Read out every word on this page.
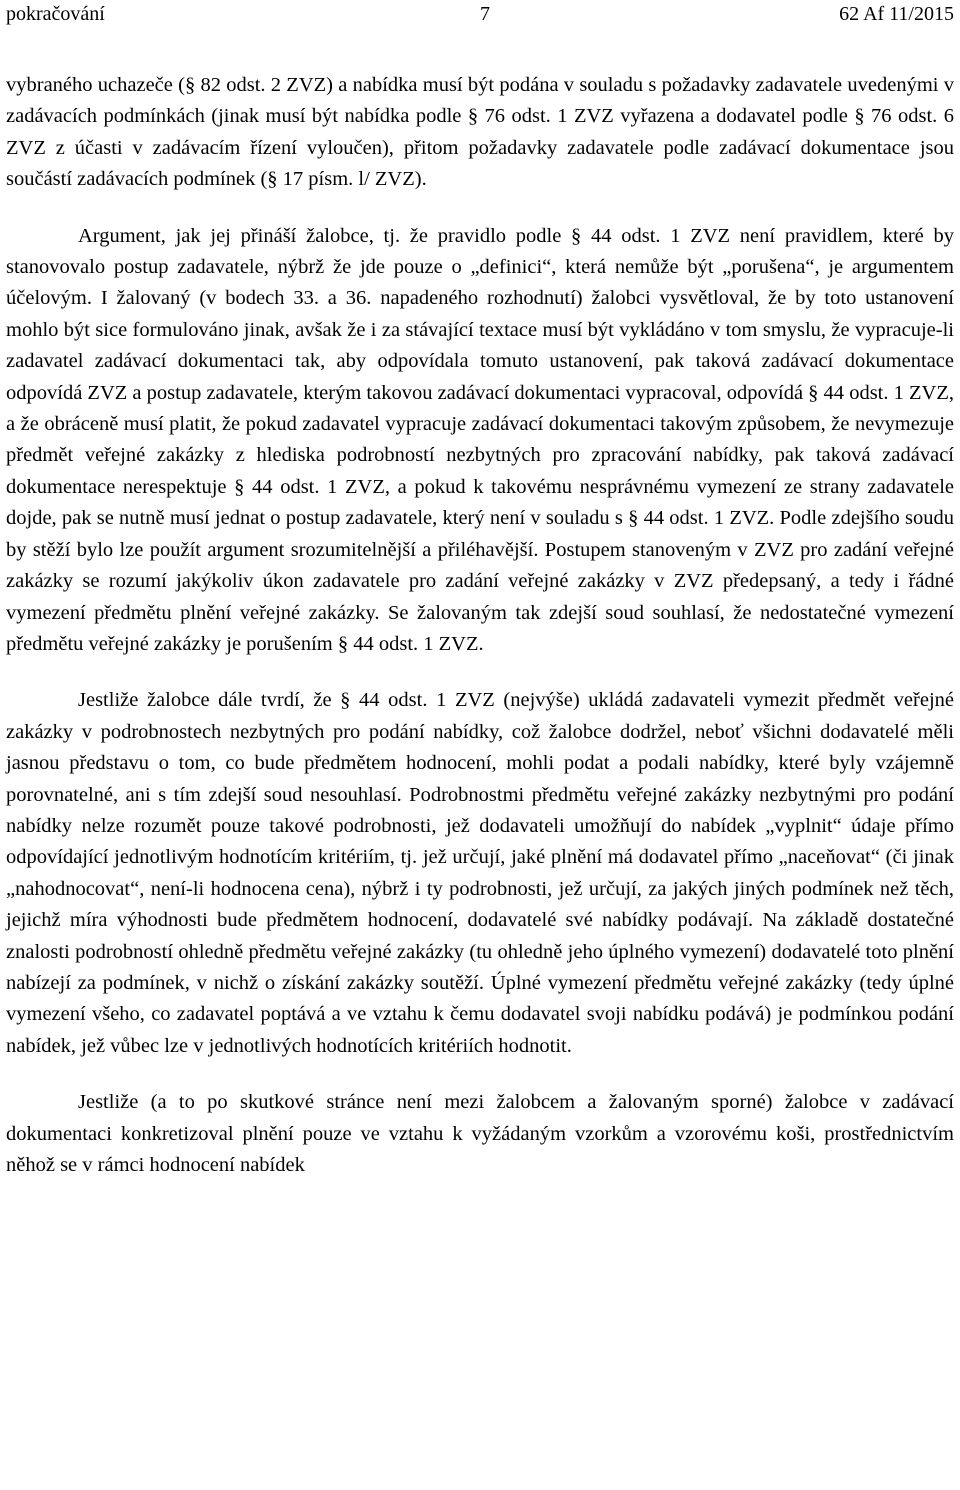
pokračování	7	62 Af 11/2015

vybraného uchazeče (§ 82 odst. 2 ZVZ) a nabídka musí být podána v souladu s požadavky zadavatele uvedenými v zadávacích podmínkách (jinak musí být nabídka podle § 76 odst. 1 ZVZ vyřazena a dodavatel podle § 76 odst. 6 ZVZ z účasti v zadávacím řízení vyloučen), přitom požadavky zadavatele podle zadávací dokumentace jsou součástí zadávacích podmínek (§ 17 písm. l/ ZVZ).

Argument, jak jej přináší žalobce, tj. že pravidlo podle § 44 odst. 1 ZVZ není pravidlem, které by stanovovalo postup zadavatele, nýbrž že jde pouze o „definici“, která nemůže být „porušena“, je argumentem účelovým. I žalovaný (v bodech 33. a 36. napadeného rozhodnutí) žalobci vysvětloval, že by toto ustanovení mohlo být sice formulováno jinak, avšak že i za stávající textace musí být vykládáno v tom smyslu, že vypracuje-li zadavatel zadávací dokumentaci tak, aby odpovídala tomuto ustanovení, pak taková zadávací dokumentace odpovídá ZVZ a postup zadavatele, kterým takovou zadávací dokumentaci vypracoval, odpovídá § 44 odst. 1 ZVZ, a že obráceně musí platit, že pokud zadavatel vypracuje zadávací dokumentaci takovým způsobem, že nevymezuje předmět veřejné zakázky z hlediska podrobností nezbytných pro zpracování nabídky, pak taková zadávací dokumentace nerespektuje § 44 odst. 1 ZVZ, a pokud k takovému nesprávnému vymezení ze strany zadavatele dojde, pak se nutně musí jednat o postup zadavatele, který není v souladu s § 44 odst. 1 ZVZ. Podle zdejšího soudu by stěží bylo lze použít argument srozumitelnější a přiléhavější. Postupem stanoveným v ZVZ pro zadání veřejné zakázky se rozumí jakýkoliv úkon zadavatele pro zadání veřejné zakázky v ZVZ předepsaný, a tedy i řádné vymezení předmětu plnění veřejné zakázky. Se žalovaným tak zdejší soud souhlasí, že nedostatečné vymezení předmětu veřejné zakázky je porušením § 44 odst. 1 ZVZ.

Jestliže žalobce dále tvrdí, že § 44 odst. 1 ZVZ (nejvýše) ukládá zadavateli vymezit předmět veřejné zakázky v podrobnostech nezbytných pro podání nabídky, což žalobce dodržel, neboť všichni dodavatelé měli jasnou představu o tom, co bude předmětem hodnocení, mohli podat a podali nabídky, které byly vzájemně porovnatelné, ani s tím zdejší soud nesouhlasí. Podrobnostmi předmětu veřejné zakázky nezbytnými pro podání nabídky nelze rozumět pouze takové podrobnosti, jež dodavateli umožňují do nabídek „vyplnit“ údaje přímo odpovídající jednotlivým hodnotícím kritériím, tj. jež určují, jaké plnění má dodavatel přímo „naceňovat“ (či jinak „nahodnocovat“, není-li hodnocena cena), nýbrž i ty podrobnosti, jež určují, za jakých jiných podmínek než těch, jejichž míra výhodnosti bude předmětem hodnocení, dodavatelé své nabídky podávají. Na základě dostatečné znalosti podrobností ohledně předmětu veřejné zakázky (tu ohledně jeho úplného vymezení) dodavatelé toto plnění nabízejí za podmínek, v nichž o získání zakázky soutěží. Úplné vymezení předmětu veřejné zakázky (tedy úplné vymezení všeho, co zadavatel poptává a ve vztahu k čemu dodavatel svoji nabídku podává) je podmínkou podání nabídek, jež vůbec lze v jednotlivých hodnotících kritériích hodnotit.

Jestliže (a to po skutkové stránce není mezi žalobcem a žalovaným sporné) žalobce v zadávací dokumentaci konkretizoval plnění pouze ve vztahu k vyžádaným vzorkům a vzorovému koši, prostřednictvím něhož se v rámci hodnocení nabídek
